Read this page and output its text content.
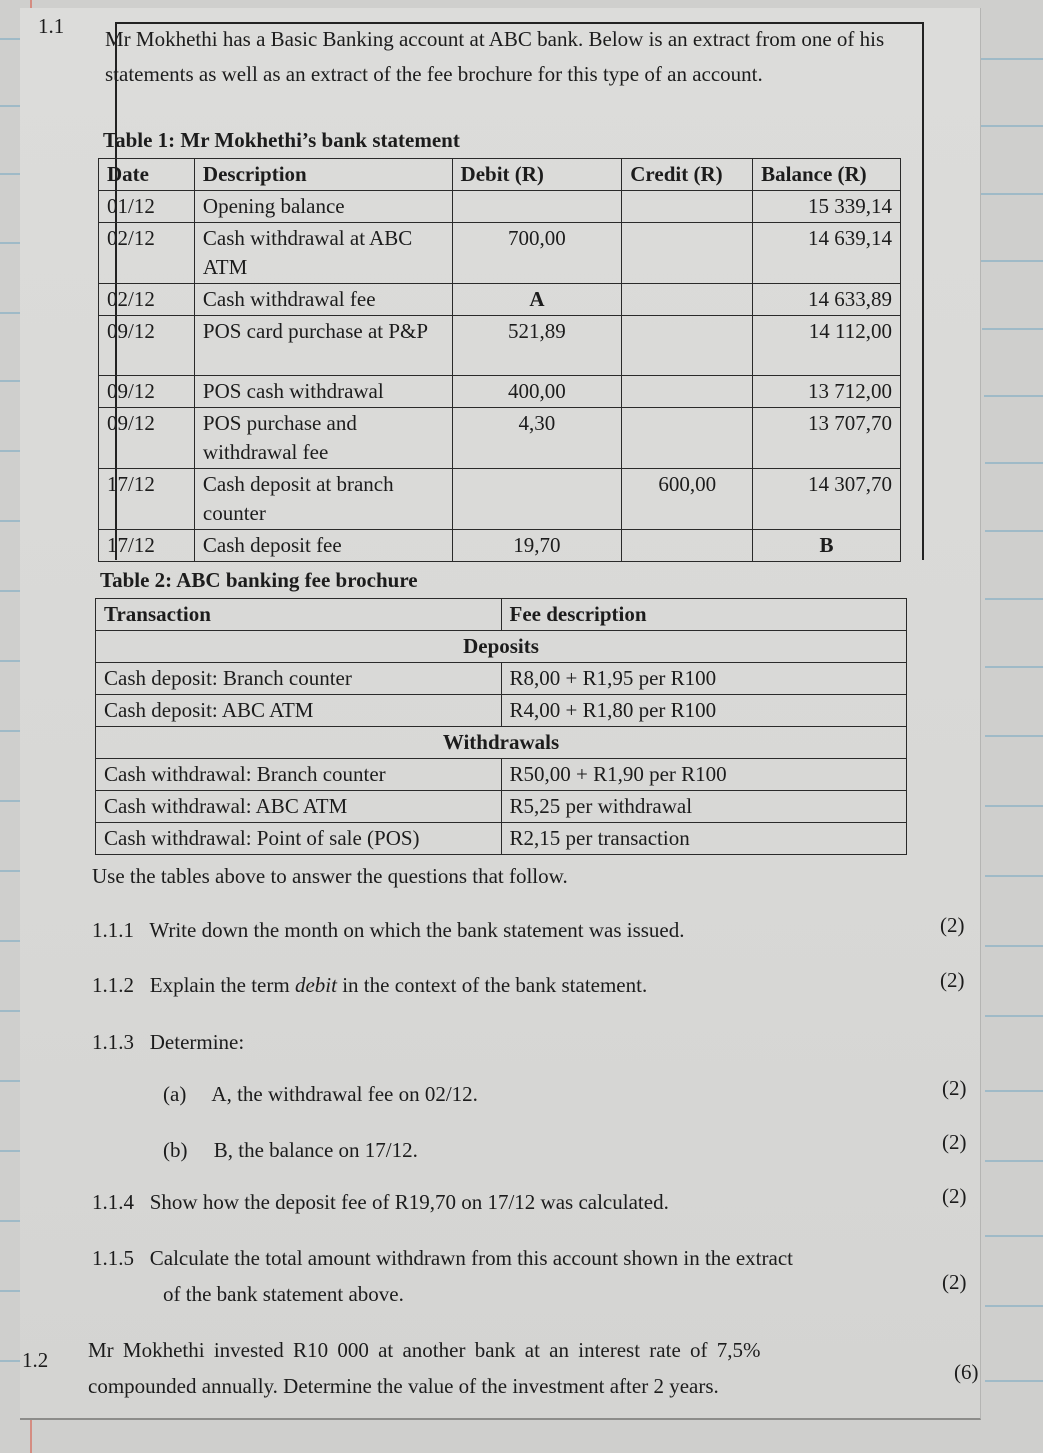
1.1
Mr Mokhethi has a Basic Banking account at ABC bank. Below is an extract from one of his statements as well as an extract of the fee brochure for this type of an account.
Table 1: Mr Mokhethi’s bank statement
Date	Description	Debit (R)	Credit (R)	Balance (R)
01/12	Opening balance			15 339,14
02/12	Cash withdrawal at ABC ATM	700,00		14 639,14
02/12	Cash withdrawal fee	A		14 633,89
09/12	POS card purchase at P&P	521,89		14 112,00
09/12	POS cash withdrawal	400,00		13 712,00
09/12	POS purchase and withdrawal fee	4,30		13 707,70
17/12	Cash deposit at branch counter		600,00	14 307,70
17/12	Cash deposit fee	19,70		B
Table 2: ABC banking fee brochure
Transaction	Fee description
Deposits	
Cash deposit: Branch counter	R8,00 + R1,95 per R100
Cash deposit: ABC ATM	R4,00 + R1,80 per R100
Withdrawals	
Cash withdrawal: Branch counter	R50,00 + R1,90 per R100
Cash withdrawal: ABC ATM	R5,25 per withdrawal
Cash withdrawal: Point of sale (POS)	R2,15 per transaction
Use the tables above to answer the questions that follow.
1.1.1 Write down the month on which the bank statement was issued.	(2)
1.1.2 Explain the term debit in the context of the bank statement.	(2)
1.1.3 Determine:
(a) A, the withdrawal fee on 02/12.	(2)
(b) B, the balance on 17/12.	(2)
1.1.4 Show how the deposit fee of R19,70 on 17/12 was calculated.	(2)
1.1.5 Calculate the total amount withdrawn from this account shown in the extract
of the bank statement above.	(2)
1.2 Mr Mokhethi invested R10 000 at another bank at an interest rate of 7,5%
compounded annually. Determine the value of the investment after 2 years.
(6)
